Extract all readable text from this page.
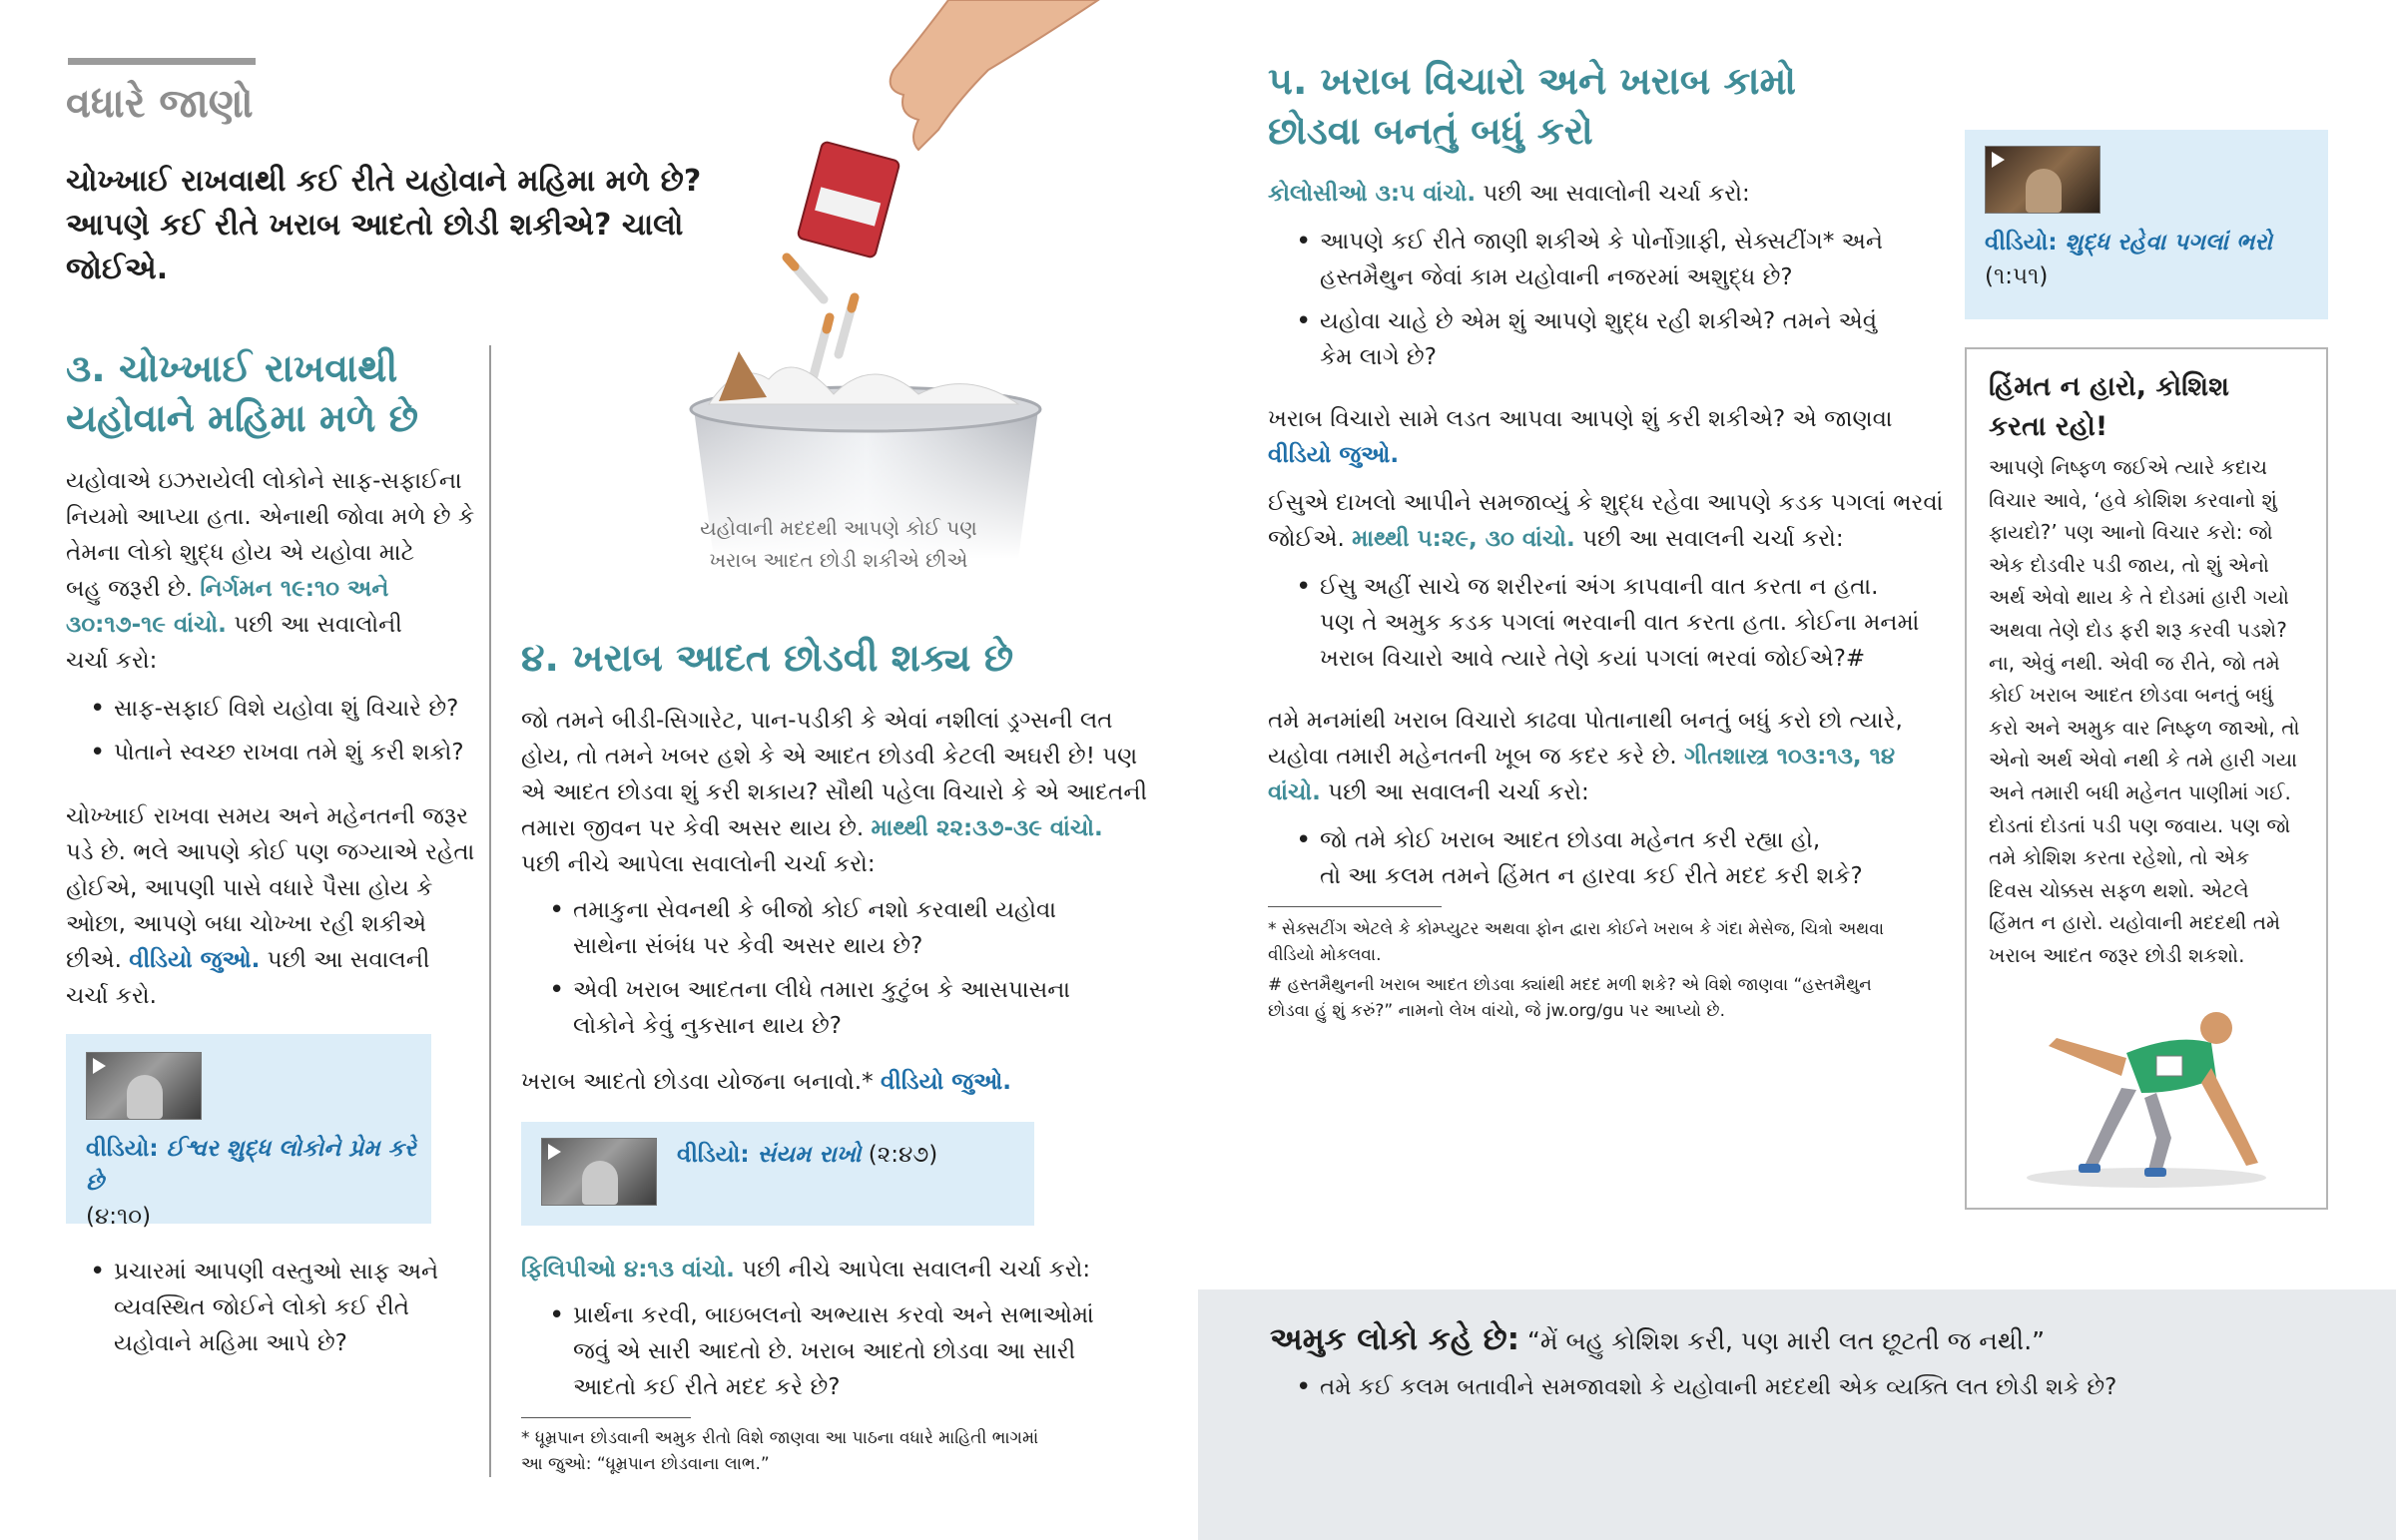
વધારે જાણો
ચોખ્ખાઈ રાખવાથી કઈ રીતે યહોવાને મહિમા મળે છે?
આપણે કઈ રીતે ખરાબ આદતો છોડી શકીએ? ચાલો જોઈએ.
યહોવાની મદદથી આપણે કોઈ પણ
ખરાબ આદત છોડી શકીએ છીએ
૩. ચોખ્ખાઈ રાખવાથી
યહોવાને મહિમા મળે છે
યહોવાએ ઇઝરાયેલી લોકોને સાફ-સફાઈના
નિયમો આપ્યા હતા. એનાથી જોવા મળે છે કે
તેમના લોકો શુદ્ધ હોય એ યહોવા માટે
બહુ જરૂરી છે. નિર્ગમન ૧૯:૧૦ અને
૩૦:૧૭-૧૯ વાંચો. પછી આ સવાલોની
ચર્ચા કરો:
• સાફ-સફાઈ વિશે યહોવા શું વિચારે છે?
• પોતાને સ્વચ્છ રાખવા તમે શું કરી શકો?
ચોખ્ખાઈ રાખવા સમય અને મહેનતની જરૂર
પડે છે. ભલે આપણે કોઈ પણ જગ્યાએ રહેતા
હોઈએ, આપણી પાસે વધારે પૈસા હોય કે
ઓછા, આપણે બધા ચોખ્ખા રહી શકીએ
છીએ. વીડિયો જુઓ. પછી આ સવાલની
ચર્ચા કરો.
વીડિયો: ઈશ્વર શુદ્ધ લોકોને પ્રેમ કરે છે
(૪:૧૦)
• પ્રચારમાં આપણી વસ્તુઓ સાફ અને
વ્યવસ્થિત જોઈને લોકો કઈ રીતે
યહોવાને મહિમા આપે છે?
૪. ખરાબ આદત છોડવી શક્ય છે
જો તમને બીડી-સિગારેટ, પાન-પડીકી કે એવાં નશીલાં ડ્રગ્સની લત
હોય, તો તમને ખબર હશે કે એ આદત છોડવી કેટલી અઘરી છે! પણ
એ આદત છોડવા શું કરી શકાય? સૌથી પહેલા વિચારો કે એ આદતની
તમારા જીવન પર કેવી અસર થાય છે. માથ્થી ૨૨:૩૭-૩૯ વાંચો.
પછી નીચે આપેલા સવાલોની ચર્ચા કરો:
• તમાકુના સેવનથી કે બીજો કોઈ નશો કરવાથી યહોવા
સાથેના સંબંધ પર કેવી અસર થાય છે?
• એવી ખરાબ આદતના લીધે તમારા કુટુંબ કે આસપાસના
લોકોને કેવું નુકસાન થાય છે?
ખરાબ આદતો છોડવા યોજના બનાવો.* વીડિયો જુઓ.
વીડિયો: સંયમ રાખો (૨:૪૭)
ફિલિપીઓ ૪:૧૩ વાંચો. પછી નીચે આપેલા સવાલની ચર્ચા કરો:
• પ્રાર્થના કરવી, બાઇબલનો અભ્યાસ કરવો અને સભાઓમાં
જવું એ સારી આદતો છે. ખરાબ આદતો છોડવા આ સારી
આદતો કઈ રીતે મદદ કરે છે?
* ધૂમ્રપાન છોડવાની અમુક રીતો વિશે જાણવા આ પાઠના વધારે માહિતી ભાગમાં
આ જુઓ: “ધૂમ્રપાન છોડવાના લાભ.”
૫. ખરાબ વિચારો અને ખરાબ કામો
છોડવા બનતું બધું કરો
કોલોસીઓ ૩:૫ વાંચો. પછી આ સવાલોની ચર્ચા કરો:
• આપણે કઈ રીતે જાણી શકીએ કે પોર્નોગ્રાફી, સેક્સટીંગ* અને
હસ્તમૈથુન જેવાં કામ યહોવાની નજરમાં અશુદ્ધ છે?
• યહોવા ચાહે છે એમ શું આપણે શુદ્ધ રહી શકીએ? તમને એવું
કેમ લાગે છે?
ખરાબ વિચારો સામે લડત આપવા આપણે શું કરી શકીએ? એ જાણવા
વીડિયો જુઓ.
ઈસુએ દાખલો આપીને સમજાવ્યું કે શુદ્ધ રહેવા આપણે કડક પગલાં ભરવાં
જોઈએ. માથ્થી ૫:૨૯, ૩૦ વાંચો. પછી આ સવાલની ચર્ચા કરો:
• ઈસુ અહીં સાચે જ શરીરનાં અંગ કાપવાની વાત કરતા ન હતા.
પણ તે અમુક કડક પગલાં ભરવાની વાત કરતા હતા. કોઈના મનમાં
ખરાબ વિચારો આવે ત્યારે તેણે કયાં પગલાં ભરવાં જોઈએ?#
તમે મનમાંથી ખરાબ વિચારો કાઢવા પોતાનાથી બનતું બધું કરો છો ત્યારે,
યહોવા તમારી મહેનતની ખૂબ જ કદર કરે છે. ગીતશાસ્ત્ર ૧૦૩:૧૩, ૧૪
વાંચો. પછી આ સવાલની ચર્ચા કરો:
• જો તમે કોઈ ખરાબ આદત છોડવા મહેનત કરી રહ્યા હો,
તો આ કલમ તમને હિંમત ન હારવા કઈ રીતે મદદ કરી શકે?
* સેક્સટીંગ એટલે કે કોમ્પ્યુટર અથવા ફોન દ્વારા કોઈને ખરાબ કે ગંદા મેસેજ, ચિત્રો અથવા
વીડિયો મોકલવા.
# હસ્તમૈથુનની ખરાબ આદત છોડવા ક્યાંથી મદદ મળી શકે? એ વિશે જાણવા “હસ્તમૈથુન
છોડવા હું શું કરું?” નામનો લેખ વાંચો, જે jw.org/gu પર આપ્યો છે.
વીડિયો: શુદ્ધ રહેવા પગલાં ભરો
(૧:૫૧)
હિંમત ન હારો, કોશિશ
કરતા રહો!
આપણે નિષ્ફળ જઈએ ત્યારે કદાચ
વિચાર આવે, ‘હવે કોશિશ કરવાનો શું
ફાયદો?’ પણ આનો વિચાર કરો: જો
એક દોડવીર પડી જાય, તો શું એનો
અર્થ એવો થાય કે તે દોડમાં હારી ગયો
અથવા તેણે દોડ ફરી શરૂ કરવી પડશે?
ના, એવું નથી. એવી જ રીતે, જો તમે
કોઈ ખરાબ આદત છોડવા બનતું બધું
કરો અને અમુક વાર નિષ્ફળ જાઓ, તો
એનો અર્થ એવો નથી કે તમે હારી ગયા
અને તમારી બધી મહેનત પાણીમાં ગઈ.
દોડતાં દોડતાં પડી પણ જવાય. પણ જો
તમે કોશિશ કરતા રહેશો, તો એક
દિવસ ચોક્કસ સફળ થશો. એટલે
હિંમત ન હારો. યહોવાની મદદથી તમે
ખરાબ આદત જરૂર છોડી શકશો.
અમુક લોકો કહે છે: “મેં બહુ કોશિશ કરી, પણ મારી લત છૂટતી જ નથી.”
• તમે કઈ કલમ બતાવીને સમજાવશો કે યહોવાની મદદથી એક વ્યક્તિ લત છોડી શકે છે?
